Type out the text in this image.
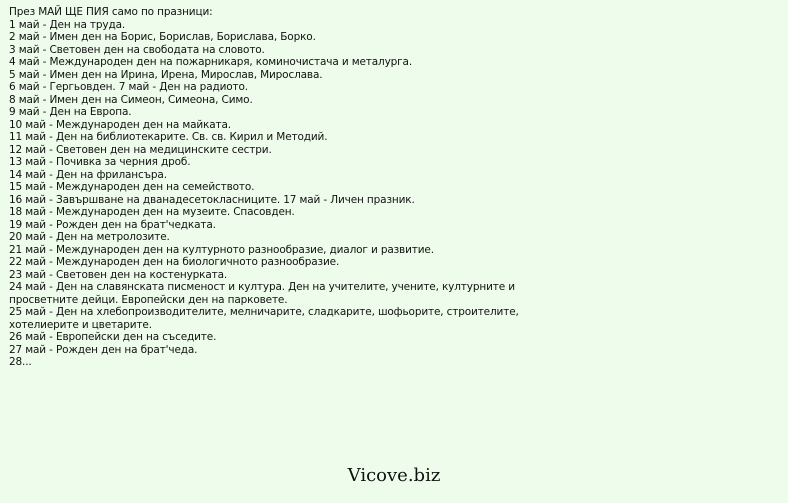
През МАЙ ЩЕ ПИЯ само по празници:
1 май - Ден на труда.
2 май - Имен ден на Борис, Борислав, Борислава, Борко.
3 май - Световен ден на свободата на словото.
4 май - Международен ден на пожарникаря, коминочистача и металурга.
5 май - Имен ден на Ирина, Ирена, Мирослав, Мирослава.
6 май - Гергьовден. 7 май - Ден на радиото.
8 май - Имен ден на Симеон, Симеона, Симо.
9 май - Ден на Европа.
10 май - Международен ден на майката.
11 май - Ден на библиотекарите. Св. св. Кирил и Методий.
12 май - Световен ден на медицинските сестри.
13 май - Почивка за черния дроб.
14 май - Ден на фрилансъра.
15 май - Международен ден на семейството.
16 май - Завършване на дванадесетокласниците. 17 май - Личен празник.
18 май - Международен ден на музеите. Спасовден.
19 май - Рожден ден на брат'чедката.
20 май - Ден на метролозите.
21 май - Международен ден на културното разнообразие, диалог и развитие.
22 май - Международен ден на биологичното разнообразие.
23 май - Световен ден на костенурката.
24 май - Ден на славянската писменост и култура. Ден на учителите, учените, културните и просветните дейци. Европейски ден на парковете.
25 май - Ден на хлебопроизводителите, мелничарите, сладкарите, шофьорите, строителите, хотелиерите и цветарите.
26 май - Европейски ден на съседите.
27 май - Рожден ден на брат'чеда.
28...
Vicove.biz
